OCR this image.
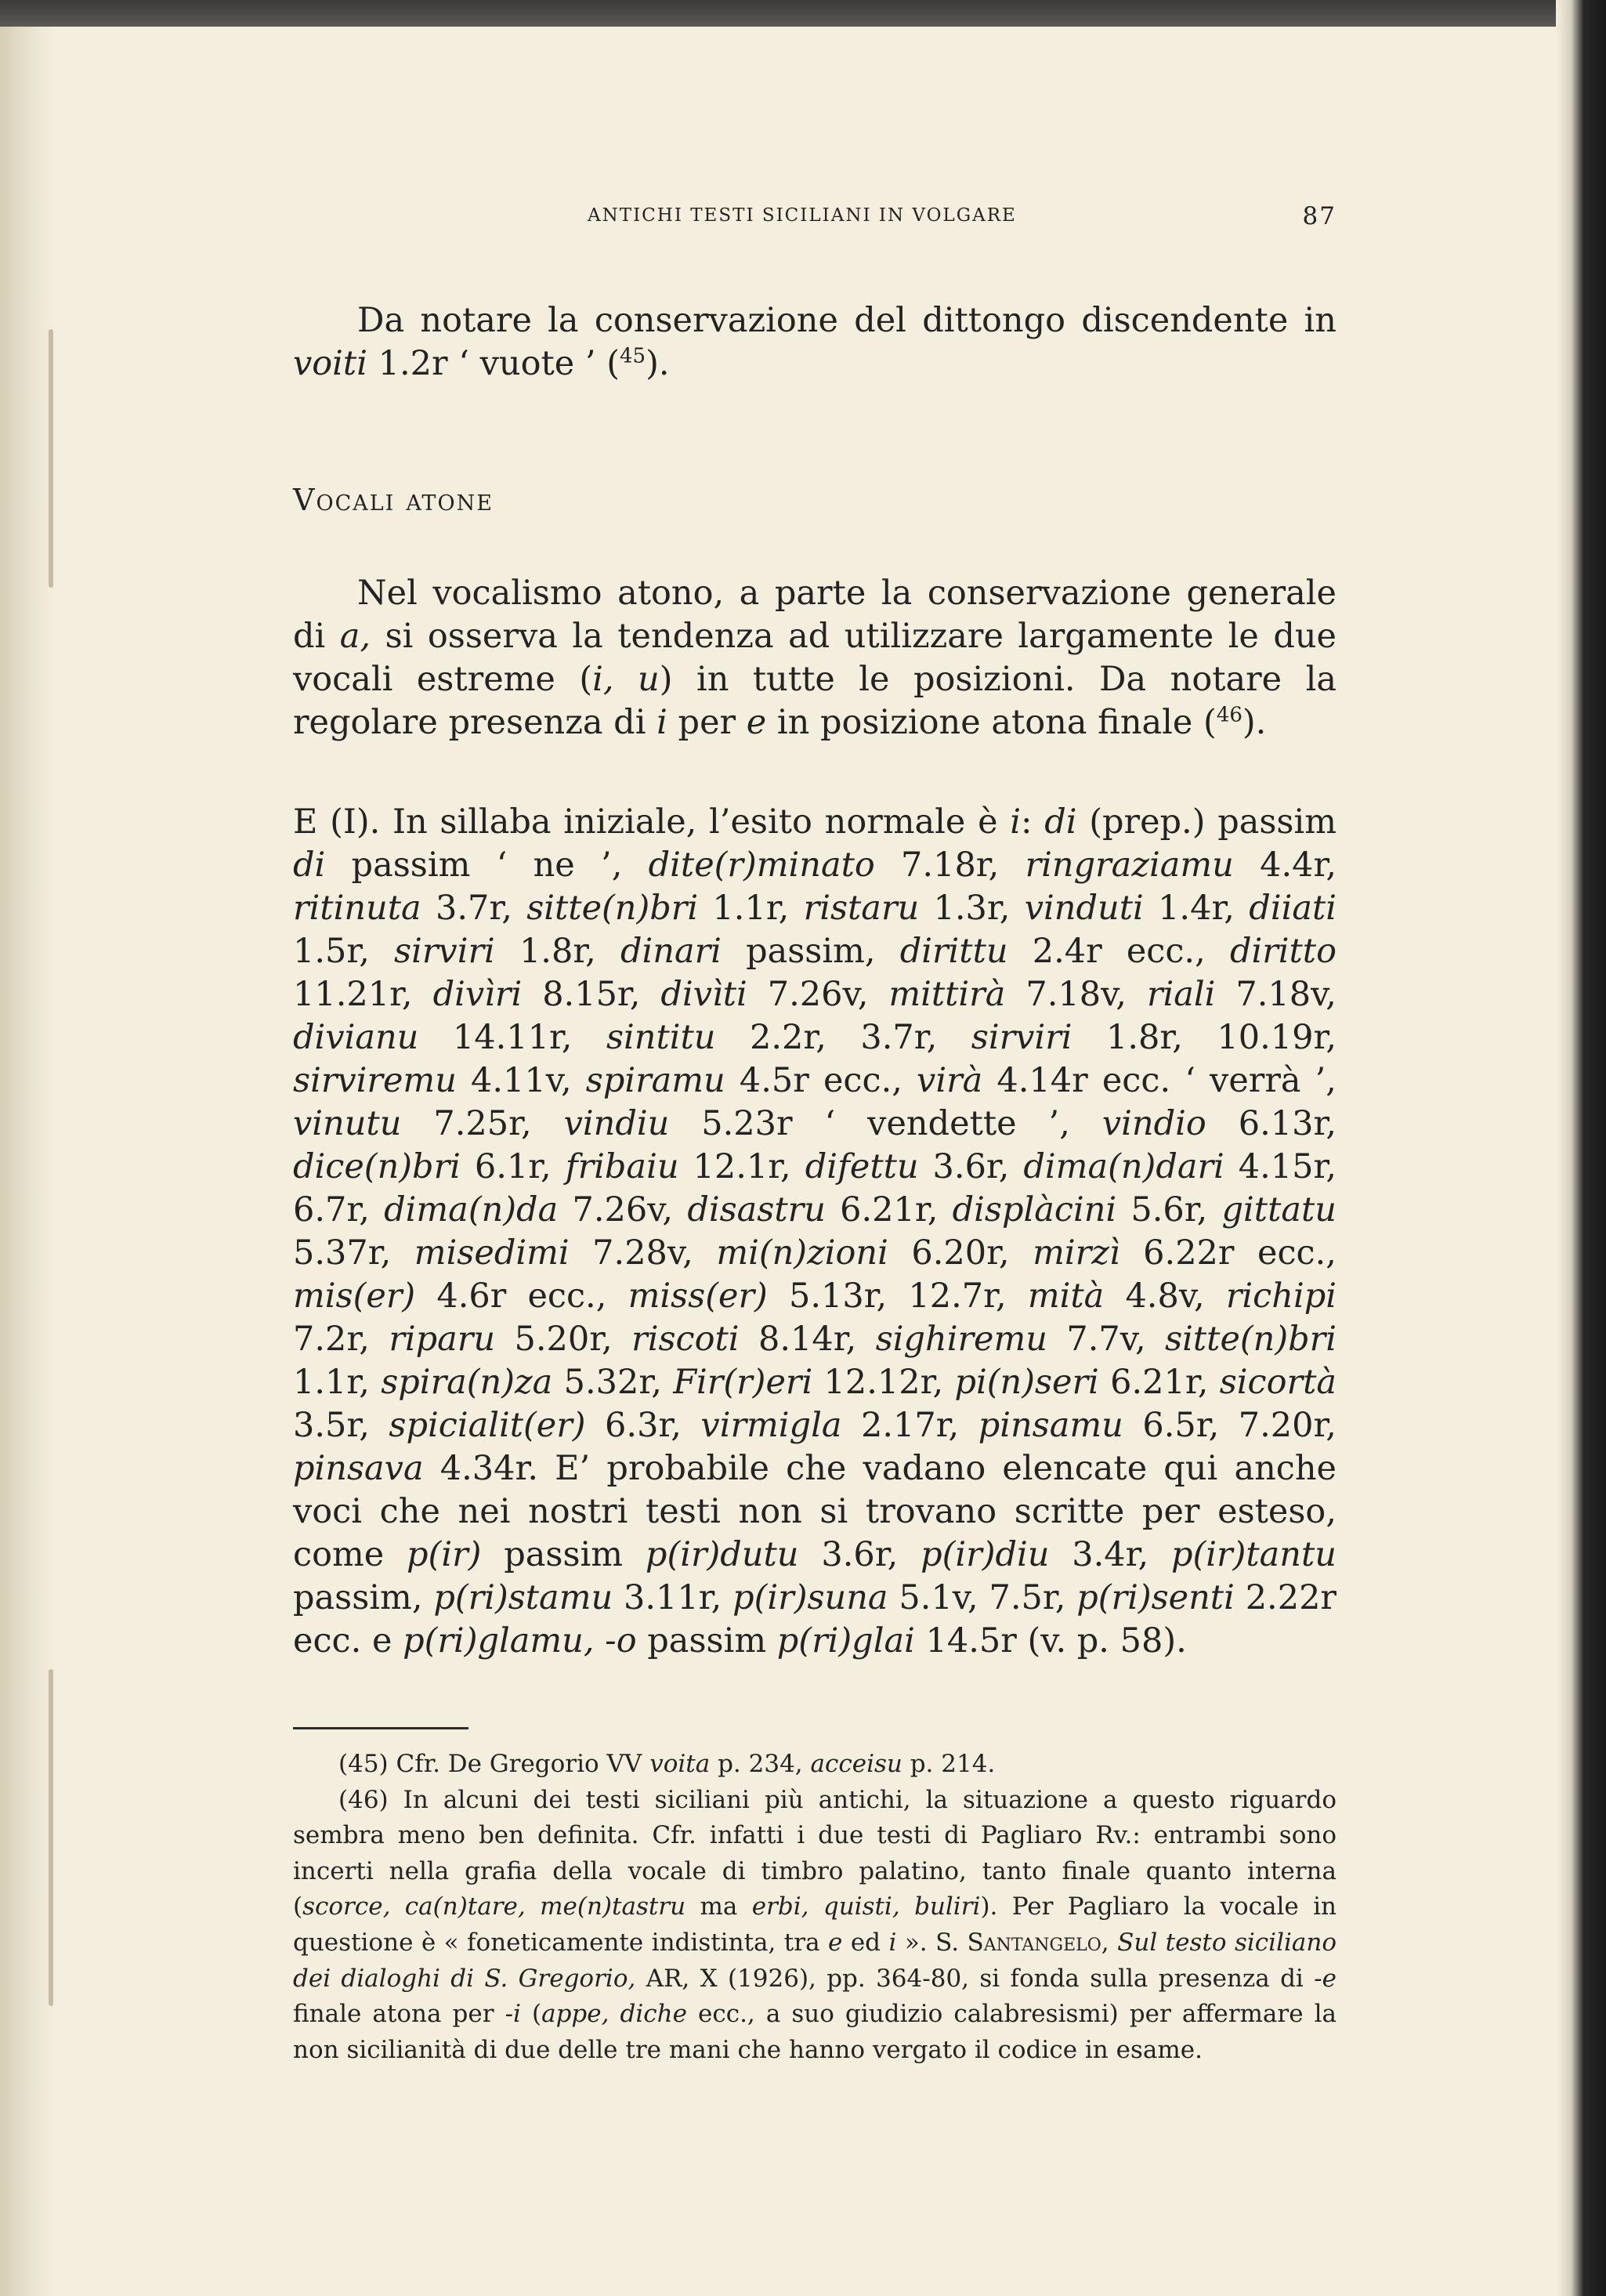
ANTICHI TESTI SICILIANI IN VOLGARE	87

Da notare la conservazione del dittongo discendente in voiti 1.2r ‘ vuote ’ ($^{45}$).

Vocali atone

Nel vocalismo atono, a parte la conservazione generale di a, si osserva la tendenza ad utilizzare largamente le due vocali estreme (i, u) in tutte le posizioni. Da notare la regolare presenza di i per e in posizione atona finale ($^{46}$).

E (I). In sillaba iniziale, l’esito normale è i: di (prep.) passim di passim ‘ ne ’, dite(r)minato 7.18r, ringraziamu 4.4r, ritinuta 3.7r, sitte(n)bri 1.1r, ristaru 1.3r, vinduti 1.4r, diiati 1.5r, sirviri 1.8r, dinari passim, dirittu 2.4r ecc., diritto 11.21r, divìri 8.15r, divìti 7.26v, mittirà 7.18v, riali 7.18v, divianu 14.11r, sintitu 2.2r, 3.7r, sirviri 1.8r, 10.19r, sirviremu 4.11v, spiramu 4.5r ecc., virà 4.14r ecc. ‘ verrà ’, vinutu 7.25r, vindiu 5.23r ‘ vendette ’, vindio 6.13r, dice(n)bri 6.1r, fribaiu 12.1r, difettu 3.6r, dima(n)dari 4.15r, 6.7r, dima(n)da 7.26v, disastru 6.21r, displàcini 5.6r, gittatu 5.37r, misedimi 7.28v, mi(n)zioni 6.20r, mirzì 6.22r ecc., mis(er) 4.6r ecc., miss(er) 5.13r, 12.7r, mità 4.8v, richipi 7.2r, riparu 5.20r, riscoti 8.14r, sighiremu 7.7v, sitte(n)bri 1.1r, spira(n)za 5.32r, Fir(r)eri 12.12r, pi(n)seri 6.21r, sicortà 3.5r, spicialit(er) 6.3r, virmigla 2.17r, pinsamu 6.5r, 7.20r, pinsava 4.34r. E’ probabile che vadano elencate qui anche voci che nei nostri testi non si trovano scritte per esteso, come p(ir) passim p(ir)dutu 3.6r, p(ir)diu 3.4r, p(ir)tantu passim, p(ri)stamu 3.11r, p(ir)suna 5.1v, 7.5r, p(ri)senti 2.22r ecc. e p(ri)glamu, -o passim p(ri)glai 14.5r (v. p. 58).

(45) Cfr. De Gregorio VV voita p. 234, acceisu p. 214.

(46) In alcuni dei testi siciliani più antichi, la situazione a questo riguardo sembra meno ben definita. Cfr. infatti i due testi di Pagliaro Rv.: entrambi sono incerti nella grafia della vocale di timbro palatino, tanto finale quanto interna (scorce, ca(n)tare, me(n)tastru ma erbi, quisti, buliri). Per Pagliaro la vocale in questione è « foneticamente indistinta, tra e ed i ». S. Santangelo, Sul testo siciliano dei dialoghi di S. Gregorio, AR, X (1926), pp. 364-80, si fonda sulla presenza di -e finale atona per -i (appe, diche ecc., a suo giudizio calabresismi) per affermare la non sicilianità di due delle tre mani che hanno vergato il codice in esame.
